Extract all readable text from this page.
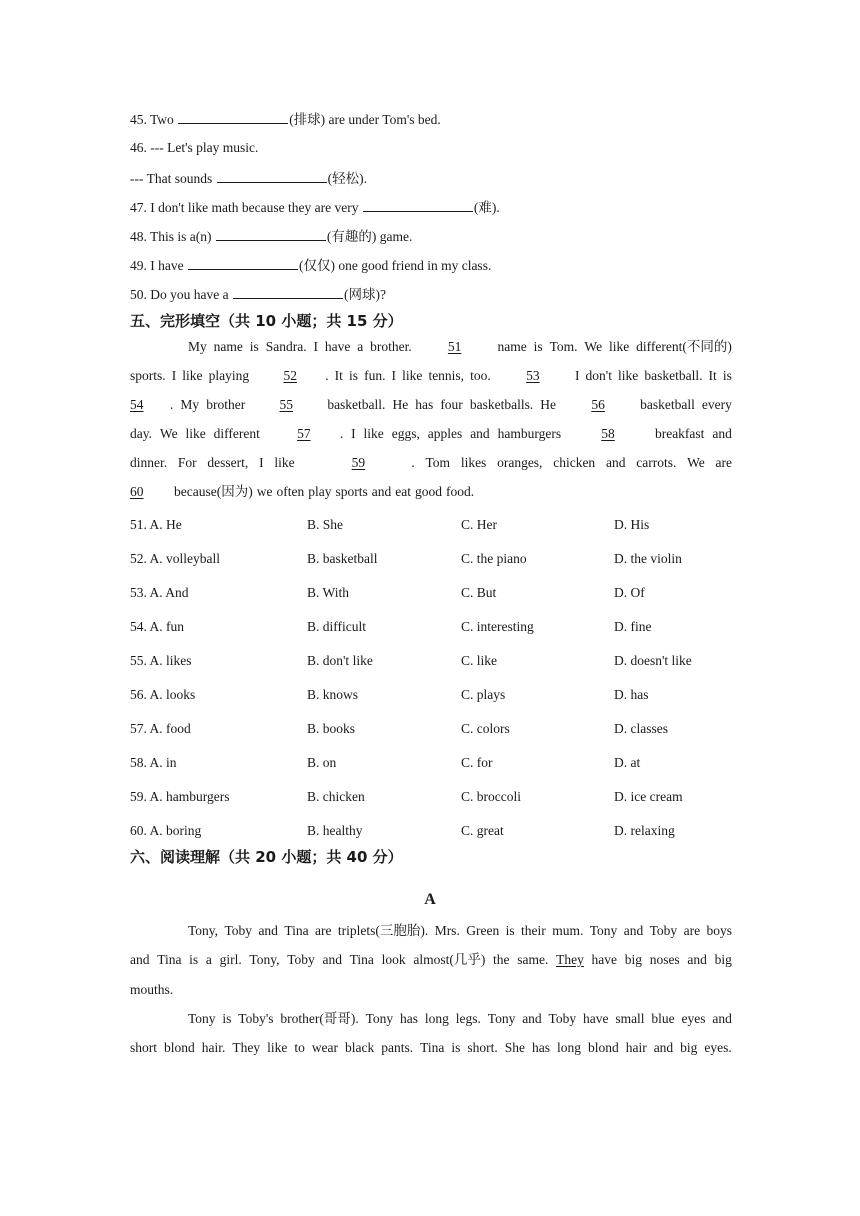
45. Two	(排球) are under Tom's bed.
46. --- Let's play music.
--- That sounds	(轻松).
47. I don't like math because they are very	(难).
48. This is a(n)	(有趣的) game.
49. I have	(仅仅) one good friend in my class.
50. Do you have a	(网球)?
五、完形填空（共 10 小题；共 15 分）
My name is Sandra. I have a brother.	51	name is Tom. We like different(不同的)
sports. I like playing	52 . It is fun. I like tennis, too.	53	I don't like basketball. It is
54 . My brother	55	basketball. He has four basketballs. He	56	basketball every
day. We like different	57 . I like eggs, apples and hamburgers	58	breakfast and
dinner. For dessert, I like	59	. Tom likes oranges, chicken and carrots. We are
60	because(因为) we often play sports and eat good food.
51. A. He	B. She	C. Her	D. His
52. A. volleyball	B. basketball	C. the piano	D. the violin
53. A. And	B. With	C. But	D. Of
54. A. fun	B. difficult	C. interesting	D. fine
55. A. likes	B. don't like	C. like	D. doesn't like
56. A. looks	B. knows	C. plays	D. has
57. A. food	B. books	C. colors	D. classes
58. A. in	B. on	C. for	D. at
59. A. hamburgers	B. chicken	C. broccoli	D. ice cream
60. A. boring	B. healthy	C. great	D. relaxing
六、阅读理解（共 20 小题；共 40 分）
A
Tony, Toby and Tina are triplets(三胞胎). Mrs. Green is their mum. Tony and Toby are boys
and Tina is a girl. Tony, Toby and Tina look almost(几乎) the same. They have big noses and big
mouths.
Tony is Toby's brother(哥哥). Tony has long legs. Tony and Toby have small blue eyes and
short blond hair. They like to wear black pants. Tina is short. She has long blond hair and big eyes.
